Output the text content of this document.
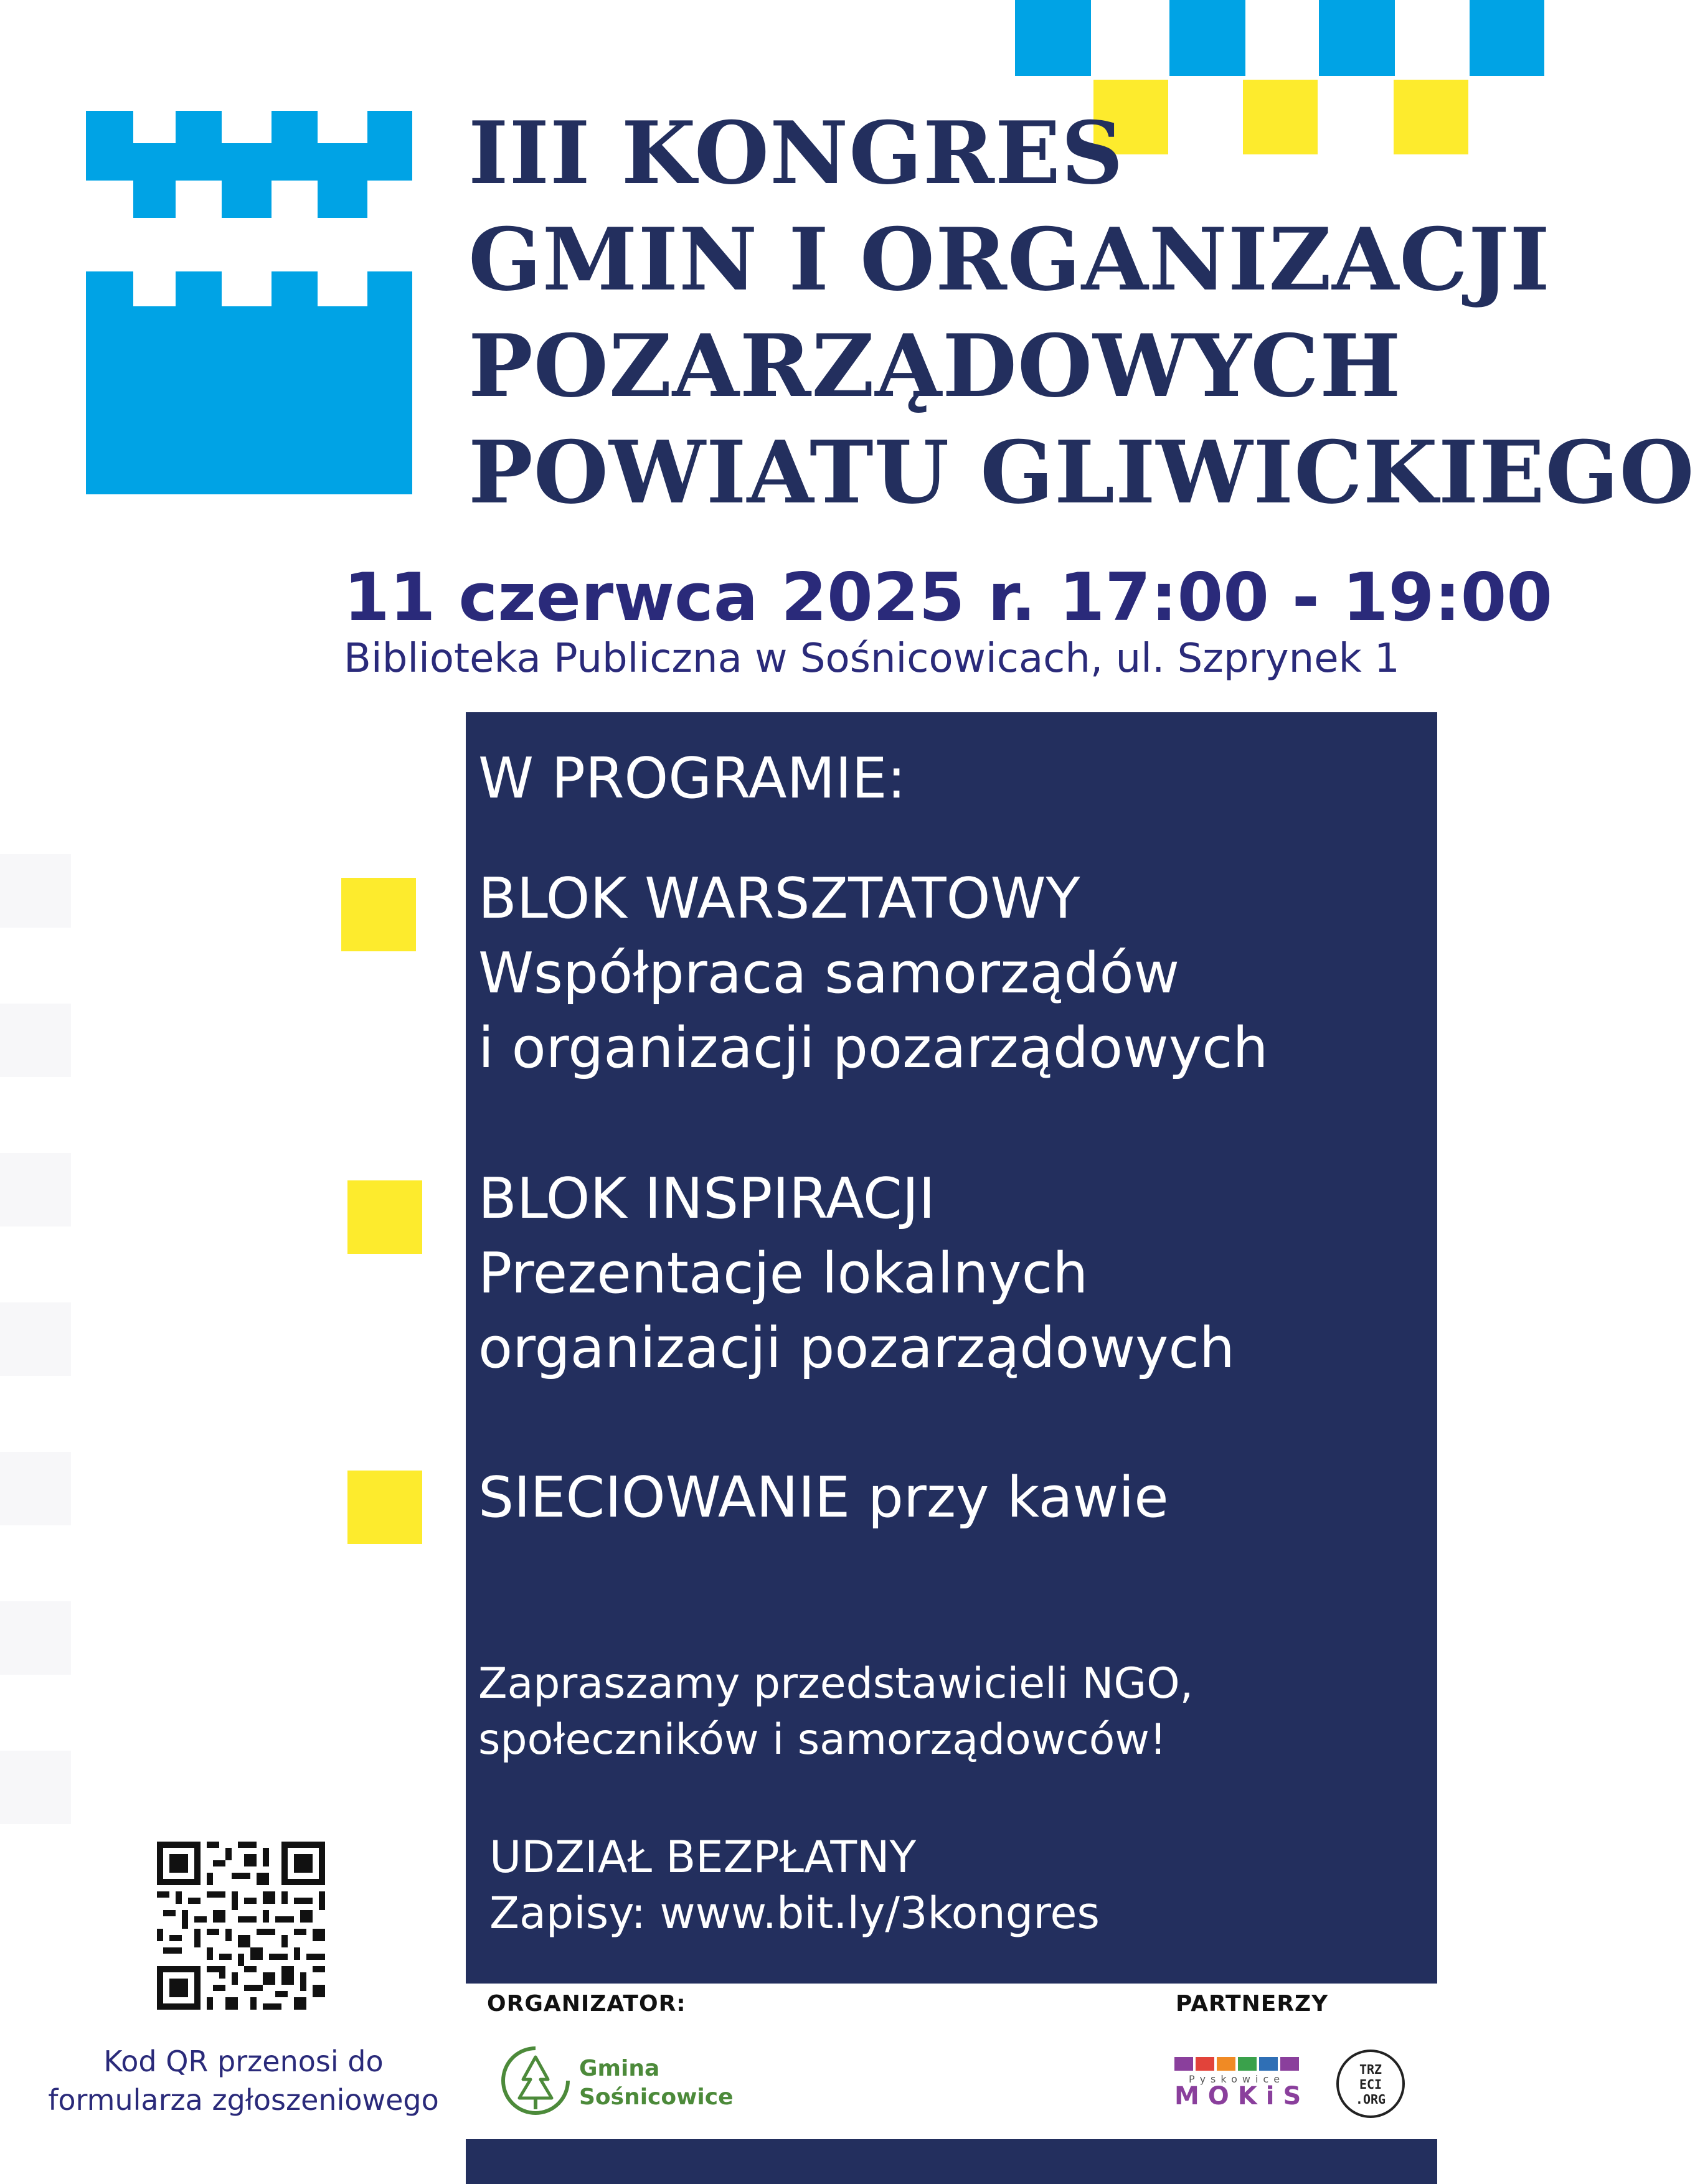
III KONGRES
GMIN I ORGANIZACJI
POZARZĄDOWYCH
POWIATU GLIWICKIEGO
11 czerwca 2025 r. 17:00 - 19:00
Biblioteka Publiczna w Sośnicowicach, ul. Szprynek 1
W PROGRAMIE:
BLOK WARSZTATOWY
Współpraca samorządów
i organizacji pozarządowych
BLOK INSPIRACJI
Prezentacje lokalnych
organizacji pozarządowych
SIECIOWANIE przy kawie
Zapraszamy przedstawicieli NGO,
społeczników i samorządowców!
UDZIAŁ BEZPŁATNY
Zapisy: www.bit.ly/3kongres
Kod QR przenosi do
formularza zgłoszeniowego
ORGANIZATOR:	PARTNERZY
Gmina
Sośnicowice
Pyskowice
MOKiS
TRZ
ECI
.ORG
